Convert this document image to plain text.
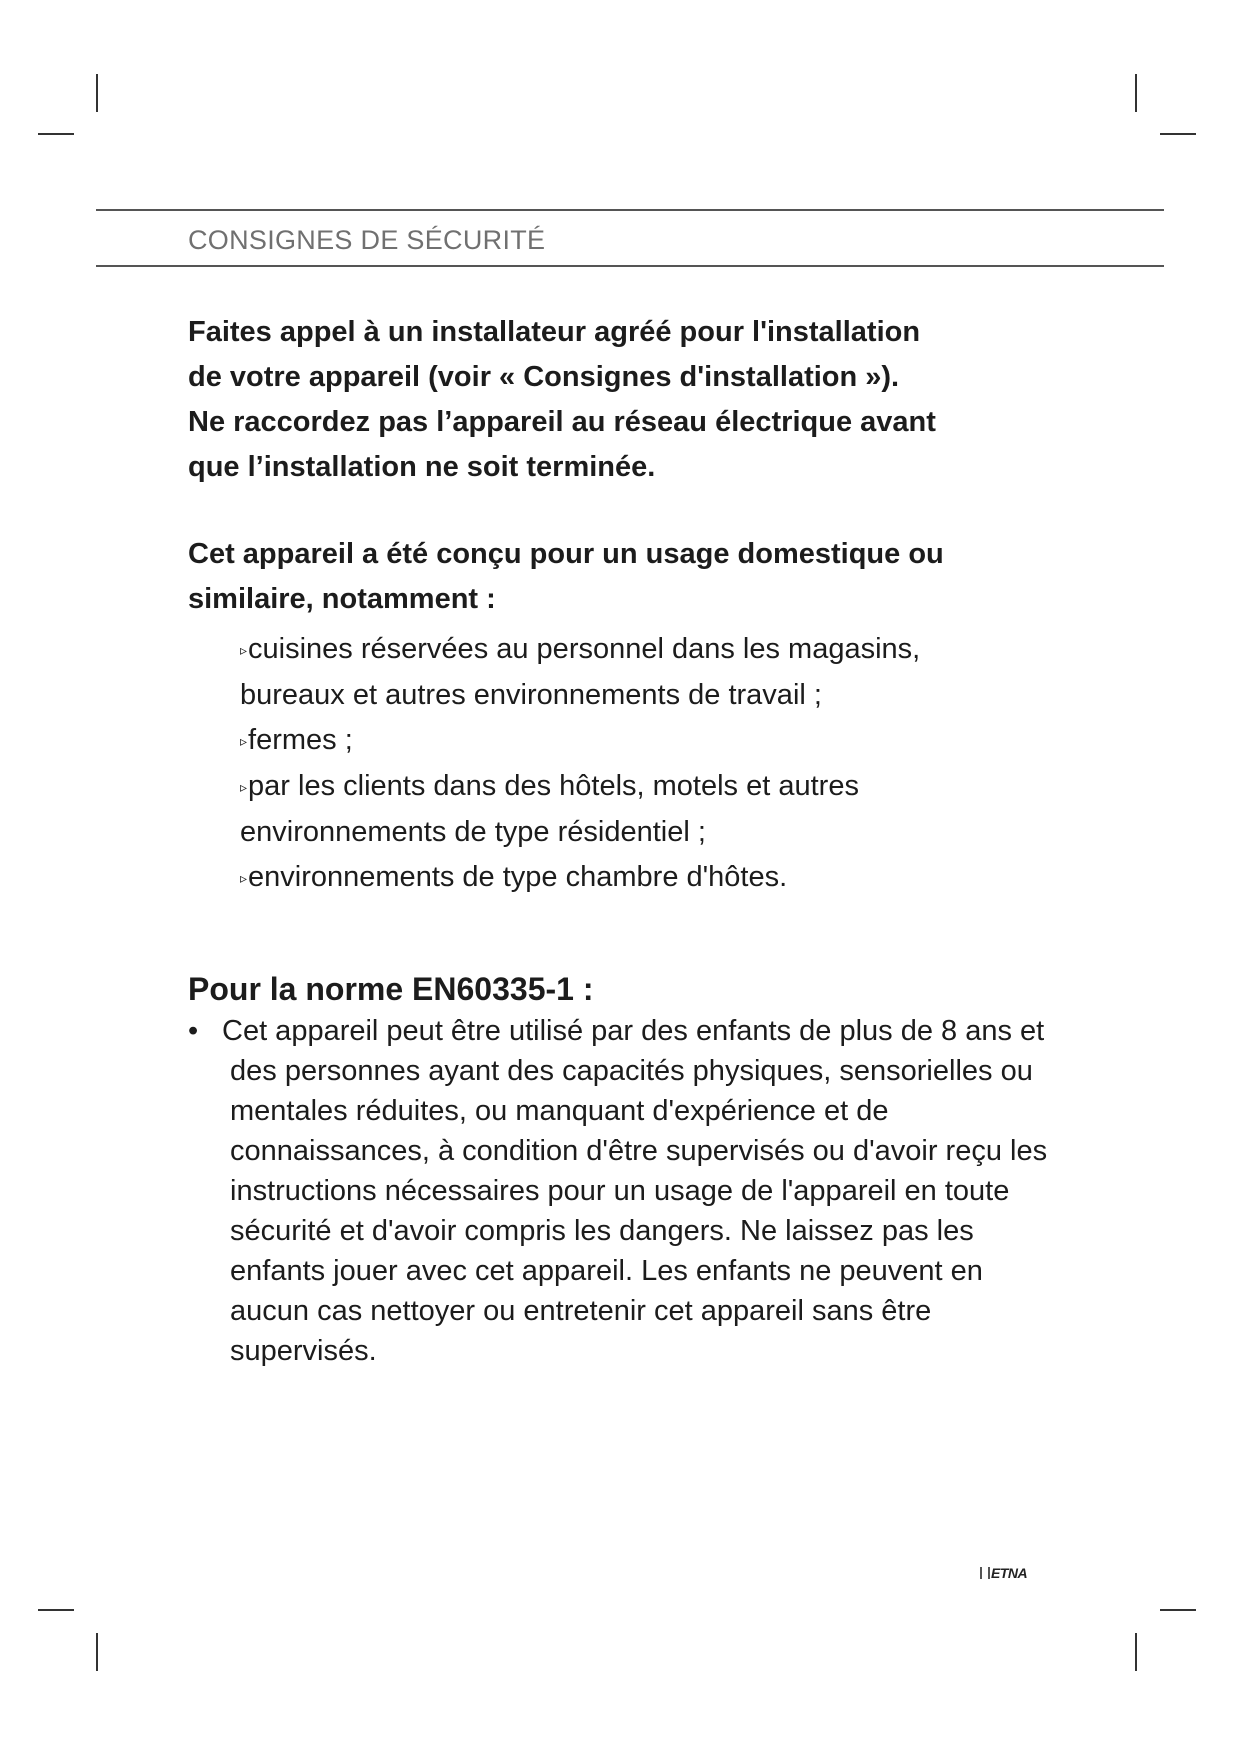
CONSIGNES DE SÉCURITÉ

Faites appel à un installateur agréé pour l'installation
de votre appareil (voir « Consignes d'installation »).
Ne raccordez pas l’appareil au réseau électrique avant
que l’installation ne soit terminée.

Cet appareil a été conçu pour un usage domestique ou
similaire, notamment :

▹cuisines réservées au personnel dans les magasins,
bureaux et autres environnements de travail ;
▹fermes ;
▹par les clients dans des hôtels, motels et autres
environnements de type résidentiel ;
▹environnements de type chambre d'hôtes.
Pour la norme EN60335-1 :
• Cet appareil peut être utilisé par des enfants de plus de 8 ans et des personnes ayant des capacités physiques, sensorielles ou mentales réduites, ou manquant d'expérience et de connaissances, à condition d'être supervisés ou d'avoir reçu les instructions nécessaires pour un usage de l'appareil en toute sécurité et d'avoir compris les dangers. Ne laissez pas les enfants jouer avec cet appareil. Les enfants ne peuvent en aucun cas nettoyer ou entretenir cet appareil sans être supervisés.

ETNA
